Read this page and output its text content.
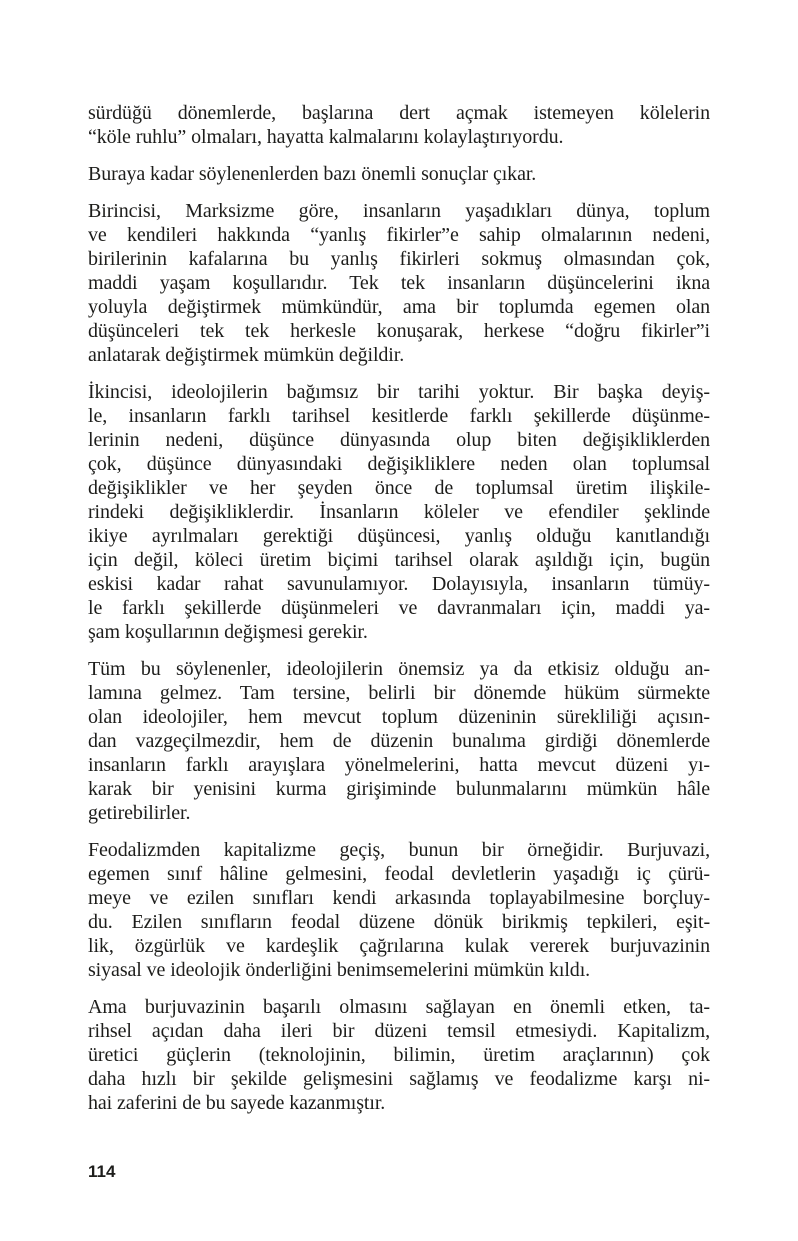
sürdüğü dönemlerde, başlarına dert açmak istemeyen kölelerin
“köle ruhlu” olmaları, hayatta kalmalarını kolaylaştırıyordu.
Buraya kadar söylenenlerden bazı önemli sonuçlar çıkar.
Birincisi, Marksizme göre, insanların yaşadıkları dünya, toplum
ve kendileri hakkında “yanlış fikirler”e sahip olmalarının nedeni,
birilerinin kafalarına bu yanlış fikirleri sokmuş olmasından çok,
maddi yaşam koşullarıdır. Tek tek insanların düşüncelerini ikna
yoluyla değiştirmek mümkündür, ama bir toplumda egemen olan
düşünceleri tek tek herkesle konuşarak, herkese “doğru fikirler”i
anlatarak değiştirmek mümkün değildir.
İkincisi, ideolojilerin bağımsız bir tarihi yoktur. Bir başka deyiş-
le, insanların farklı tarihsel kesitlerde farklı şekillerde düşünme-
lerinin nedeni, düşünce dünyasında olup biten değişikliklerden
çok, düşünce dünyasındaki değişikliklere neden olan toplumsal
değişiklikler ve her şeyden önce de toplumsal üretim ilişkile-
rindeki değişikliklerdir. İnsanların köleler ve efendiler şeklinde
ikiye ayrılmaları gerektiği düşüncesi, yanlış olduğu kanıtlandığı
için değil, köleci üretim biçimi tarihsel olarak aşıldığı için, bugün
eskisi kadar rahat savunulamıyor. Dolayısıyla, insanların tümüy-
le farklı şekillerde düşünmeleri ve davranmaları için, maddi ya-
şam koşullarının değişmesi gerekir.
Tüm bu söylenenler, ideolojilerin önemsiz ya da etkisiz olduğu an-
lamına gelmez. Tam tersine, belirli bir dönemde hüküm sürmekte
olan ideolojiler, hem mevcut toplum düzeninin sürekliliği açısın-
dan vazgeçilmezdir, hem de düzenin bunalıma girdiği dönemlerde
insanların farklı arayışlara yönelmelerini, hatta mevcut düzeni yı-
karak bir yenisini kurma girişiminde bulunmalarını mümkün hâle
getirebilirler.
Feodalizmden kapitalizme geçiş, bunun bir örneğidir. Burjuvazi,
egemen sınıf hâline gelmesini, feodal devletlerin yaşadığı iç çürü-
meye ve ezilen sınıfları kendi arkasında toplayabilmesine borçluy-
du. Ezilen sınıfların feodal düzene dönük birikmiş tepkileri, eşit-
lik, özgürlük ve kardeşlik çağrılarına kulak vererek burjuvazinin
siyasal ve ideolojik önderliğini benimsemelerini mümkün kıldı.
Ama burjuvazinin başarılı olmasını sağlayan en önemli etken, ta-
rihsel açıdan daha ileri bir düzeni temsil etmesiydi. Kapitalizm,
üretici güçlerin (teknolojinin, bilimin, üretim araçlarının) çok
daha hızlı bir şekilde gelişmesini sağlamış ve feodalizme karşı ni-
hai zaferini de bu sayede kazanmıştır.
114
